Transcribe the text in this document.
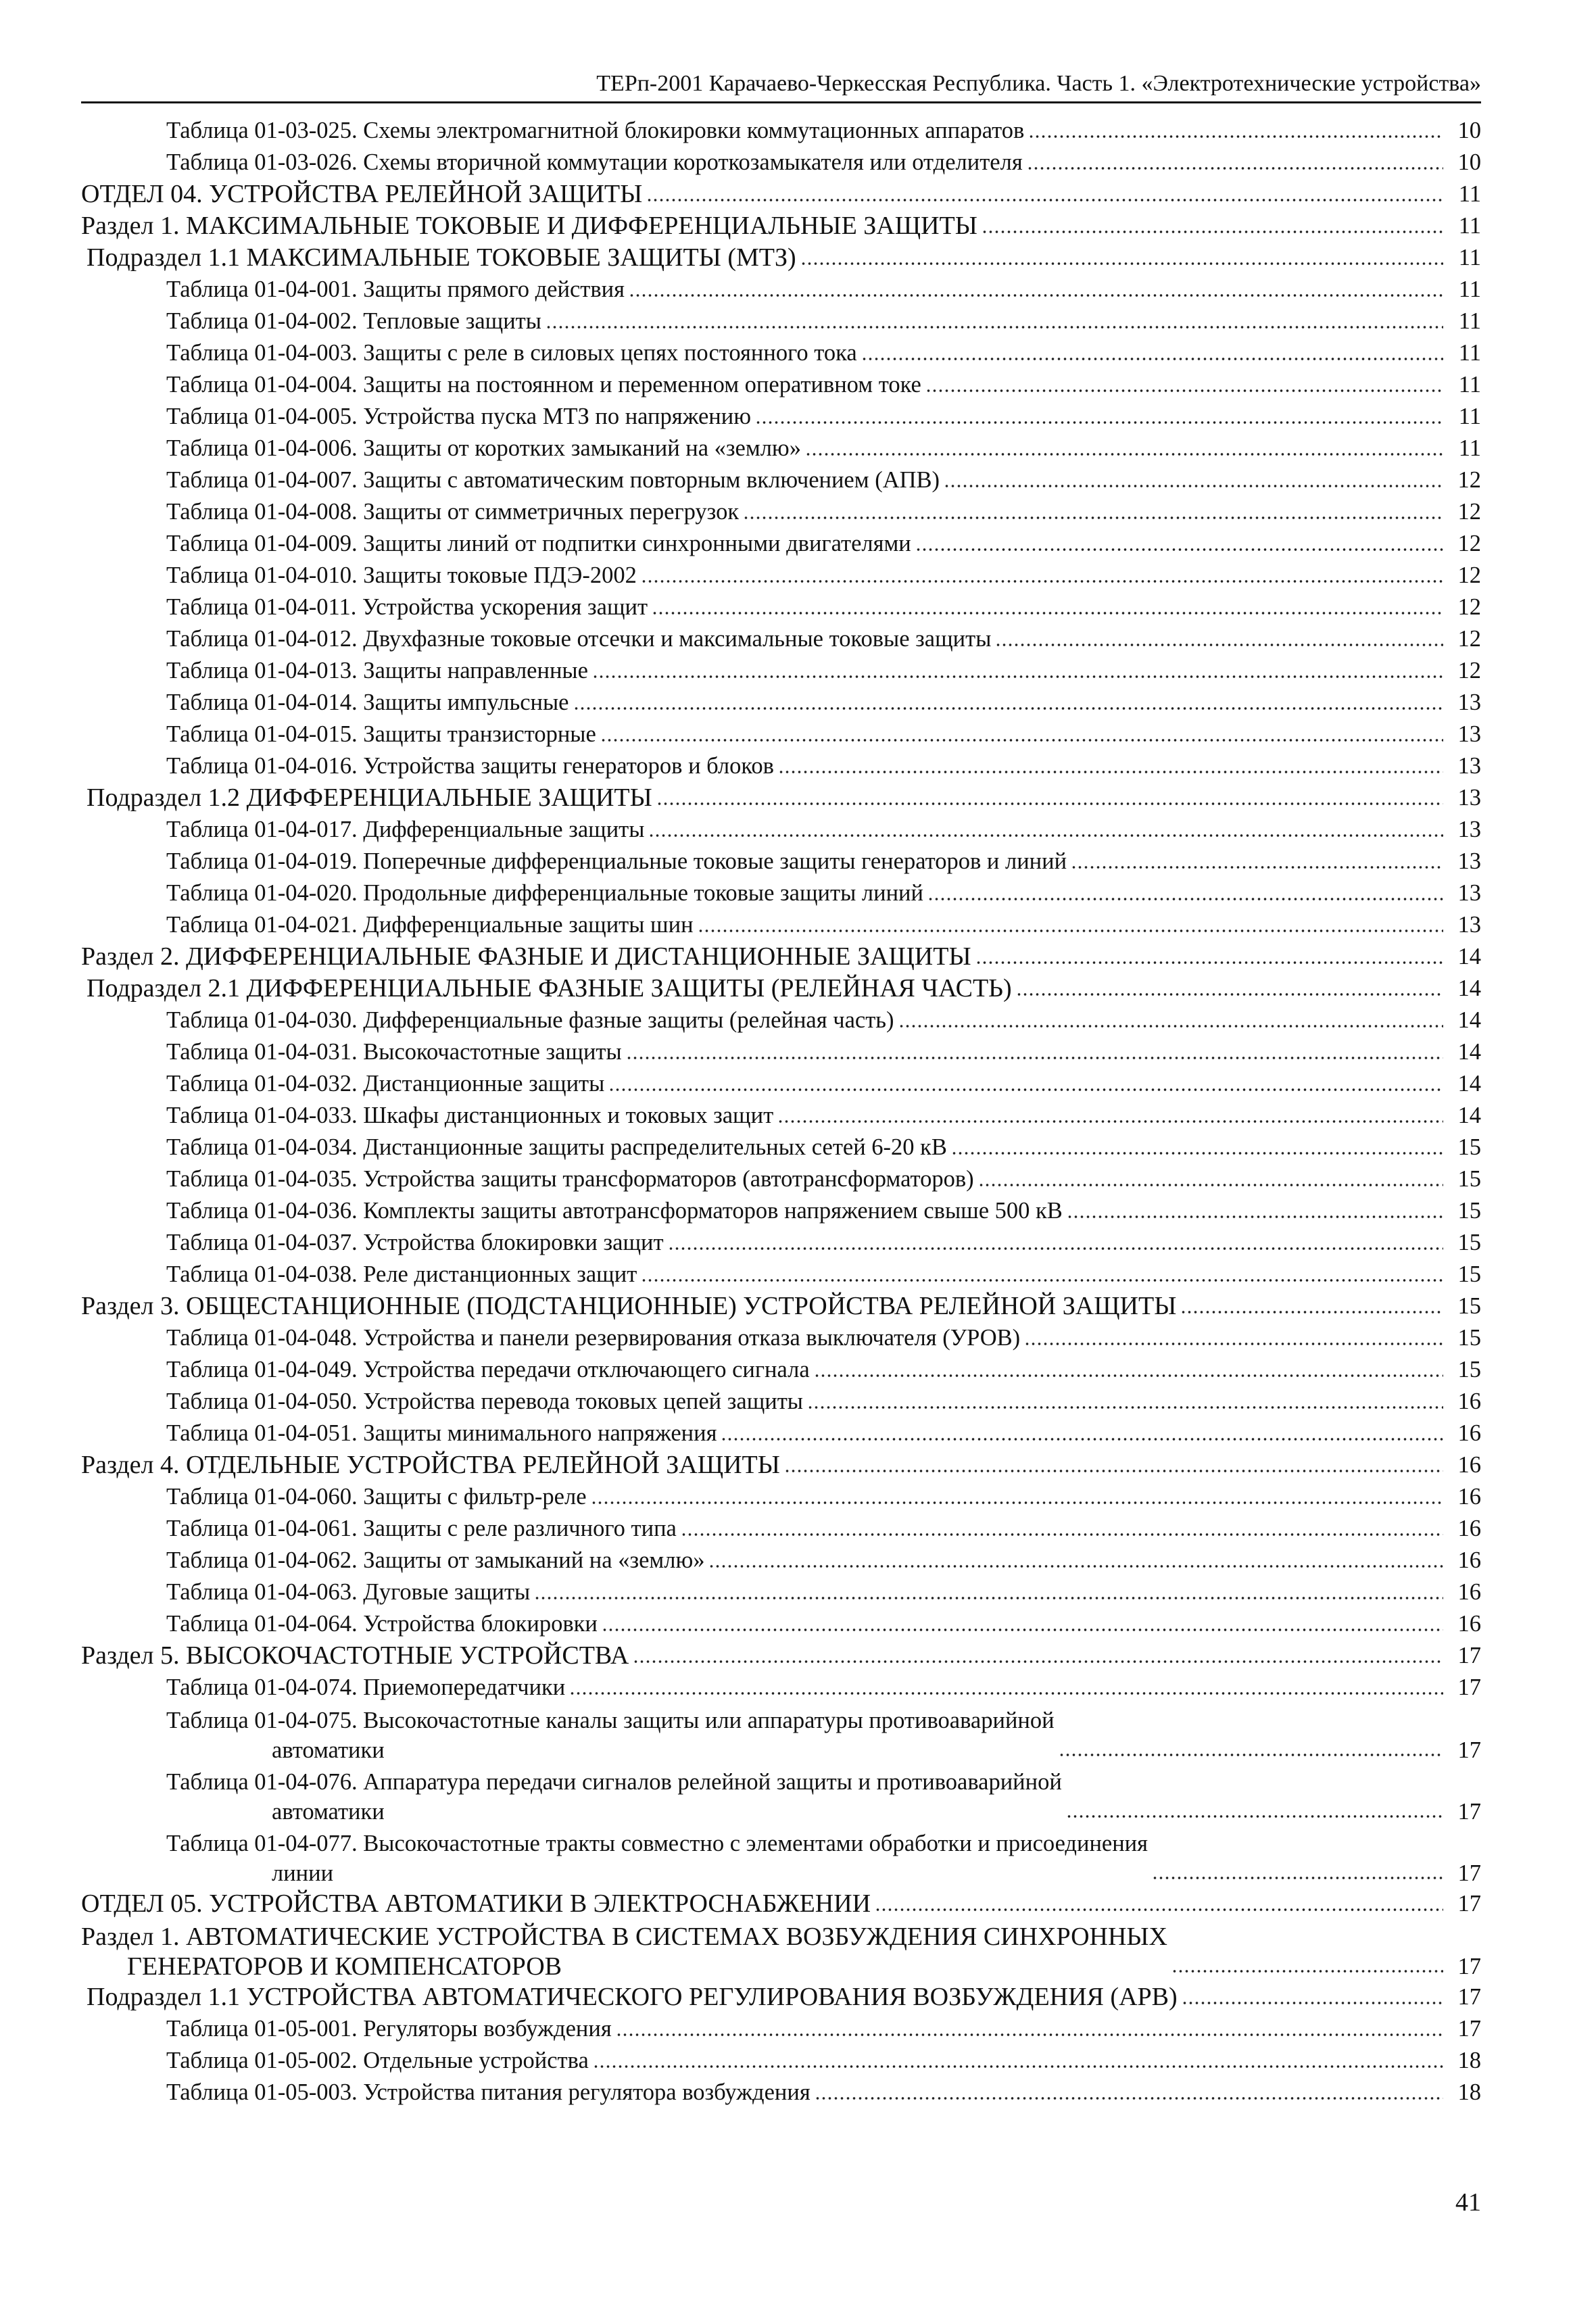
ТЕРп-2001 Карачаево-Черкесская Республика. Часть 1. «Электротехнические устройства»
Таблица 01-03-025. Схемы электромагнитной блокировки коммутационных аппаратов	10
Таблица 01-03-026. Схемы вторичной коммутации короткозамыкателя или отделителя	10
ОТДЕЛ 04. УСТРОЙСТВА РЕЛЕЙНОЙ ЗАЩИТЫ	11
Раздел 1. МАКСИМАЛЬНЫЕ ТОКОВЫЕ И ДИФФЕРЕНЦИАЛЬНЫЕ ЗАЩИТЫ	11
Подраздел 1.1 МАКСИМАЛЬНЫЕ ТОКОВЫЕ ЗАЩИТЫ (МТЗ)	11
Таблица 01-04-001. Защиты прямого действия	11
Таблица 01-04-002. Тепловые защиты	11
Таблица 01-04-003. Защиты с реле в силовых цепях постоянного тока	11
Таблица 01-04-004. Защиты на постоянном и переменном оперативном токе	11
Таблица 01-04-005. Устройства пуска МТЗ по напряжению	11
Таблица 01-04-006. Защиты от коротких замыканий на «землю»	11
Таблица 01-04-007. Защиты с автоматическим повторным включением (АПВ)	12
Таблица 01-04-008. Защиты от симметричных перегрузок	12
Таблица 01-04-009. Защиты линий от подпитки синхронными двигателями	12
Таблица 01-04-010. Защиты токовые ПДЭ-2002	12
Таблица 01-04-011. Устройства ускорения защит	12
Таблица 01-04-012. Двухфазные токовые отсечки и максимальные токовые защиты	12
Таблица 01-04-013. Защиты направленные	12
Таблица 01-04-014. Защиты импульсные	13
Таблица 01-04-015. Защиты транзисторные	13
Таблица 01-04-016. Устройства защиты генераторов и блоков	13
Подраздел 1.2 ДИФФЕРЕНЦИАЛЬНЫЕ ЗАЩИТЫ	13
Таблица 01-04-017. Дифференциальные защиты	13
Таблица 01-04-019. Поперечные дифференциальные токовые защиты генераторов и линий	13
Таблица 01-04-020. Продольные дифференциальные токовые защиты линий	13
Таблица 01-04-021. Дифференциальные защиты шин	13
Раздел 2. ДИФФЕРЕНЦИАЛЬНЫЕ ФАЗНЫЕ И ДИСТАНЦИОННЫЕ ЗАЩИТЫ	14
Подраздел 2.1 ДИФФЕРЕНЦИАЛЬНЫЕ ФАЗНЫЕ ЗАЩИТЫ (РЕЛЕЙНАЯ ЧАСТЬ)	14
Таблица 01-04-030. Дифференциальные фазные защиты (релейная часть)	14
Таблица 01-04-031. Высокочастотные защиты	14
Таблица 01-04-032. Дистанционные защиты	14
Таблица 01-04-033. Шкафы дистанционных и токовых защит	14
Таблица 01-04-034. Дистанционные защиты распределительных сетей 6-20 кВ	15
Таблица 01-04-035. Устройства защиты трансформаторов (автотрансформаторов)	15
Таблица 01-04-036. Комплекты защиты автотрансформаторов напряжением свыше 500 кВ	15
Таблица 01-04-037. Устройства блокировки защит	15
Таблица 01-04-038. Реле дистанционных защит	15
Раздел 3. ОБЩЕСТАНЦИОННЫЕ (ПОДСТАНЦИОННЫЕ) УСТРОЙСТВА РЕЛЕЙНОЙ ЗАЩИТЫ	15
Таблица 01-04-048. Устройства и панели резервирования отказа выключателя (УРОВ)	15
Таблица 01-04-049. Устройства передачи отключающего сигнала	15
Таблица 01-04-050. Устройства перевода токовых цепей защиты	16
Таблица 01-04-051. Защиты минимального напряжения	16
Раздел 4. ОТДЕЛЬНЫЕ УСТРОЙСТВА РЕЛЕЙНОЙ ЗАЩИТЫ	16
Таблица 01-04-060. Защиты с фильтр-реле	16
Таблица 01-04-061. Защиты с реле различного типа	16
Таблица 01-04-062. Защиты от замыканий на «землю»	16
Таблица 01-04-063. Дуговые защиты	16
Таблица 01-04-064. Устройства блокировки	16
Раздел 5. ВЫСОКОЧАСТОТНЫЕ УСТРОЙСТВА	17
Таблица 01-04-074. Приемопередатчики	17
Таблица 01-04-075. Высокочастотные каналы защиты или аппаратуры противоаварийной
автоматики	17
Таблица 01-04-076. Аппаратура передачи сигналов релейной защиты и противоаварийной
автоматики	17
Таблица 01-04-077. Высокочастотные тракты совместно с элементами обработки и присоединения
линии	17
ОТДЕЛ 05. УСТРОЙСТВА АВТОМАТИКИ В ЭЛЕКТРОСНАБЖЕНИИ	17
Раздел 1. АВТОМАТИЧЕСКИЕ УСТРОЙСТВА В СИСТЕМАХ ВОЗБУЖДЕНИЯ СИНХРОННЫХ
ГЕНЕРАТОРОВ И КОМПЕНСАТОРОВ	17
Подраздел 1.1 УСТРОЙСТВА АВТОМАТИЧЕСКОГО РЕГУЛИРОВАНИЯ ВОЗБУЖДЕНИЯ (АРВ)	17
Таблица 01-05-001. Регуляторы возбуждения	17
Таблица 01-05-002. Отдельные устройства	18
Таблица 01-05-003. Устройства питания регулятора возбуждения	18
41
